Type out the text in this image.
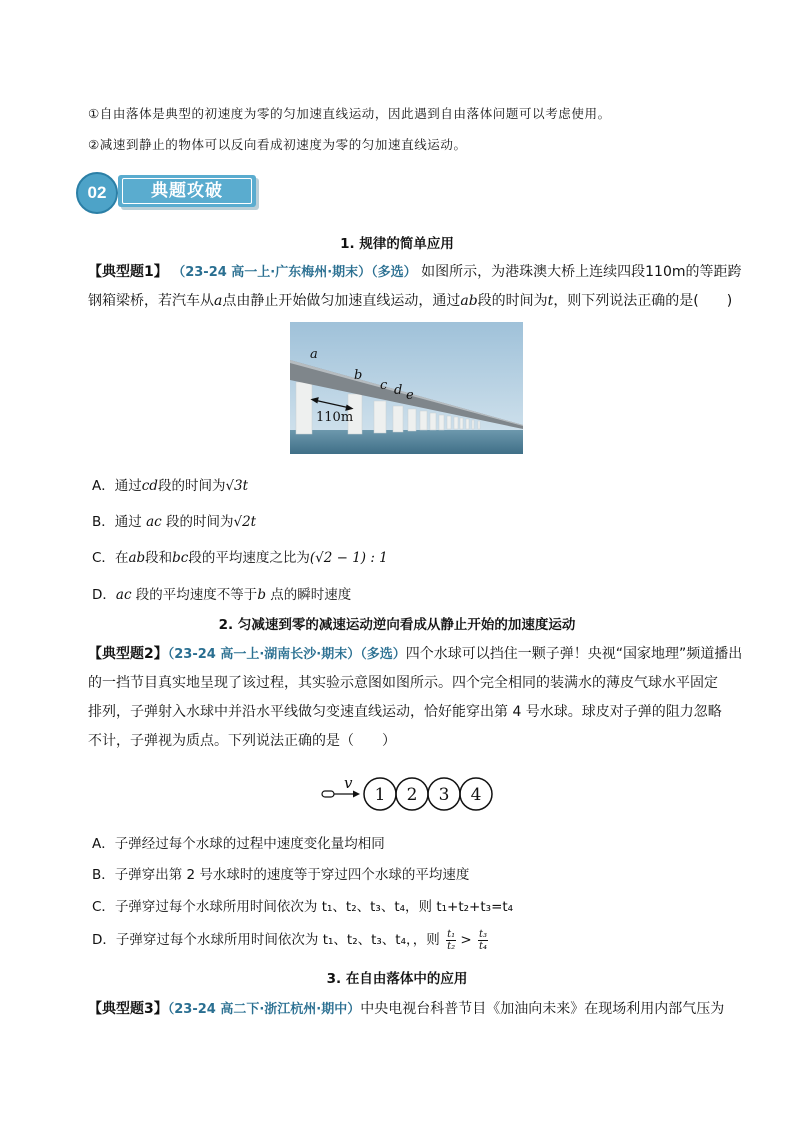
①自由落体是典型的初速度为零的匀加速直线运动，因此遇到自由落体问题可以考虑使用。
②减速到静止的物体可以反向看成初速度为零的匀加速直线运动。
02	典题攻破
1. 规律的简单应用
【典型题1】 （23-24 高一上·广东梅州·期末）（多选） 如图所示，为港珠澳大桥上连续四段110m的等距跨
钢箱梁桥，若汽车从a点由静止开始做匀加速直线运动，通过ab段的时间为t，则下列说法正确的是(　　)
a
b
c d e
110m
A．通过cd段的时间为√3t
B．通过 ac 段的时间为√2t
C．在ab段和bc段的平均速度之比为(√2 − 1) : 1
D．ac 段的平均速度不等于b 点的瞬时速度
2. 匀减速到零的减速运动逆向看成从静止开始的加速度运动
【典型题2】（23-24 高一上·湖南长沙·期末）（多选）四个水球可以挡住一颗子弹！央视“国家地理”频道播出
的一挡节目真实地呈现了该过程，其实验示意图如图所示。四个完全相同的装满水的薄皮气球水平固定
排列，子弹射入水球中并沿水平线做匀变速直线运动，恰好能穿出第 4 号水球。球皮对子弹的阻力忽略
不计，子弹视为质点。下列说法正确的是（　　）
v
1 2 3 4
A．子弹经过每个水球的过程中速度变化量均相同
B．子弹穿出第 2 号水球时的速度等于穿过四个水球的平均速度
C．子弹穿过每个水球所用时间依次为 t₁、t₂、t₃、t₄，则 t₁+t₂+t₃=t₄
D．子弹穿过每个水球所用时间依次为 t₁、t₂、t₃、t₄，，则 $\frac{\text{t₁}}{\text{t₂}} > \frac{\text{t₃}}{\text{t₄}}$
3. 在自由落体中的应用
【典型题3】（23-24 高二下·浙江杭州·期中）中央电视台科普节目《加油向未来》在现场利用内部气压为
